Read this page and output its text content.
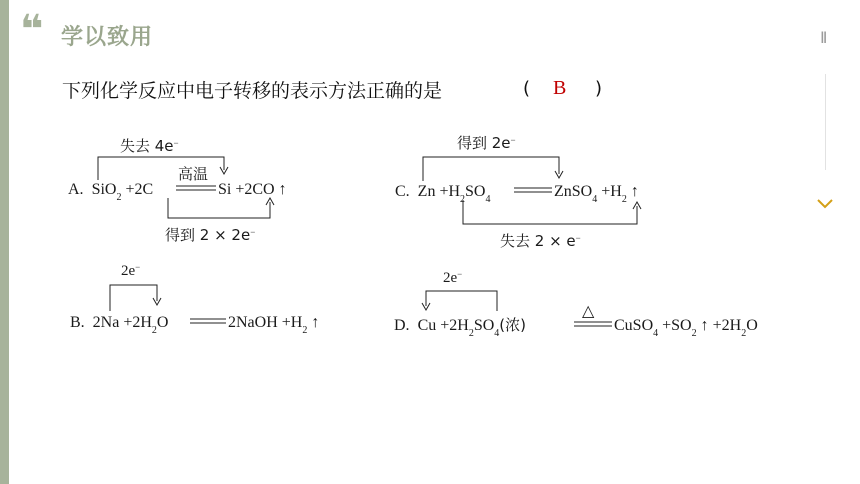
❝ 学以致用	II
下列化学反应中电子转移的表示方法正确的是	( B )
失去 4e−
A. SiO$_2$ +2C
高温
Si +2CO ↑
得到 2 × 2e−
得到 2e−
C. $Zn +H_2SO_4$	ZnSO$_4$ $+H_2$ ↑
失去 2 × e−
2e−
B. $2Na +2H_2O$	2NaOH $+H_2$ ↑
2e−
D. $Cu +2H_2SO_4$(浓)
△
CuSO$_4$ $+SO_2$ ↑ $+2H_2O$
